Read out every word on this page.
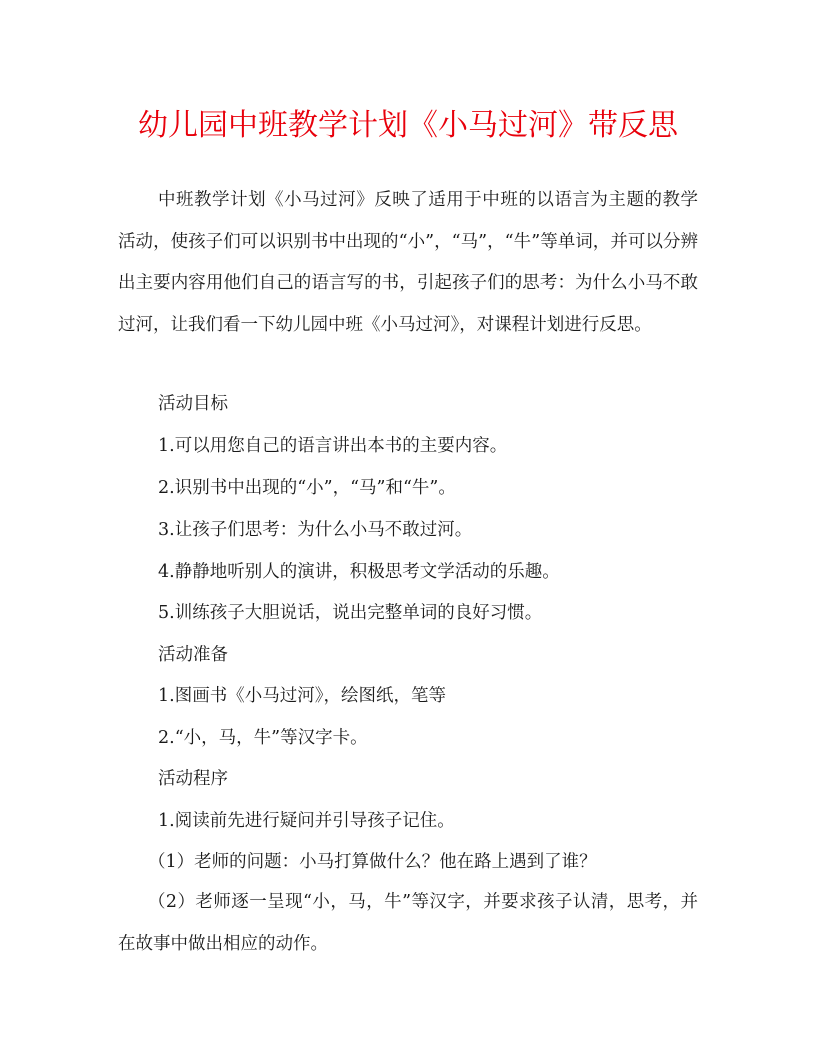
幼儿园中班教学计划《小马过河》带反思

中班教学计划《小马过河》反映了适用于中班的以语言为主题的教学活动，使孩子们可以识别书中出现的“小”，“马”，“牛”等单词，并可以分辨出主要内容用他们自己的语言写的书，引起孩子们的思考：为什么小马不敢过河，让我们看一下幼儿园中班《小马过河》，对课程计划进行反思。

活动目标

1.可以用您自己的语言讲出本书的主要内容。

2.识别书中出现的“小”，“马”和“牛”。

3.让孩子们思考：为什么小马不敢过河。

4.静静地听别人的演讲，积极思考文学活动的乐趣。

5.训练孩子大胆说话，说出完整单词的良好习惯。

活动准备

1.图画书《小马过河》，绘图纸，笔等

2.“小，马，牛”等汉字卡。

活动程序

1.阅读前先进行疑问并引导孩子记住。

（1）老师的问题：小马打算做什么？他在路上遇到了谁？

（2）老师逐一呈现“小，马，牛”等汉字，并要求孩子认清，思考，并在故事中做出相应的动作。
